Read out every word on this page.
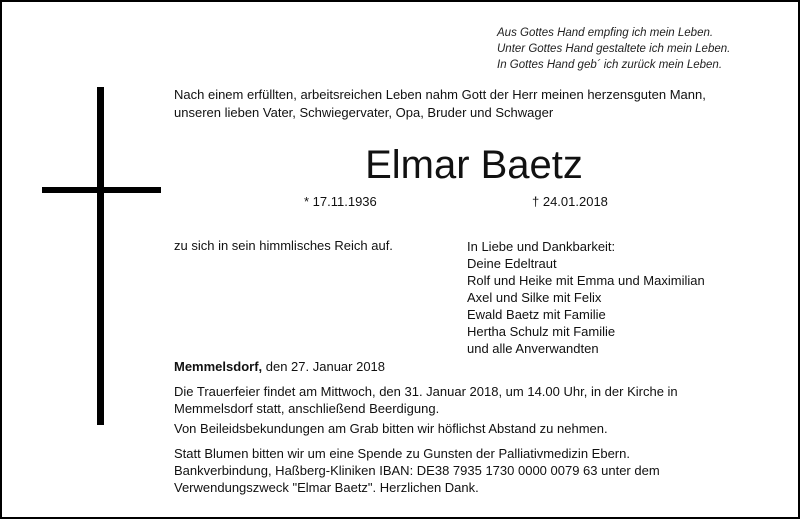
Aus Gottes Hand empfing ich mein Leben.
Unter Gottes Hand gestaltete ich mein Leben.
In Gottes Hand geb´ ich zurück mein Leben.
Nach einem erfüllten, arbeitsreichen Leben nahm Gott der Herr meinen herzensguten Mann,
unseren lieben Vater, Schwiegervater, Opa, Bruder und Schwager
Elmar Baetz
* 17.11.1936	† 24.01.2018
zu sich in sein himmlisches Reich auf.	In Liebe und Dankbarkeit:
Deine Edeltraut
Rolf und Heike mit Emma und Maximilian
Axel und Silke mit Felix
Ewald Baetz mit Familie
Hertha Schulz mit Familie
und alle Anverwandten
Memmelsdorf, den 27. Januar 2018
Die Trauerfeier findet am Mittwoch, den 31. Januar 2018, um 14.00 Uhr, in der Kirche in
Memmelsdorf statt, anschließend Beerdigung.
Von Beileidsbekundungen am Grab bitten wir höflichst Abstand zu nehmen.
Statt Blumen bitten wir um eine Spende zu Gunsten der Palliativmedizin Ebern.
Bankverbindung, Haßberg-Kliniken IBAN: DE38 7935 1730 0000 0079 63 unter dem
Verwendungszweck "Elmar Baetz". Herzlichen Dank.
